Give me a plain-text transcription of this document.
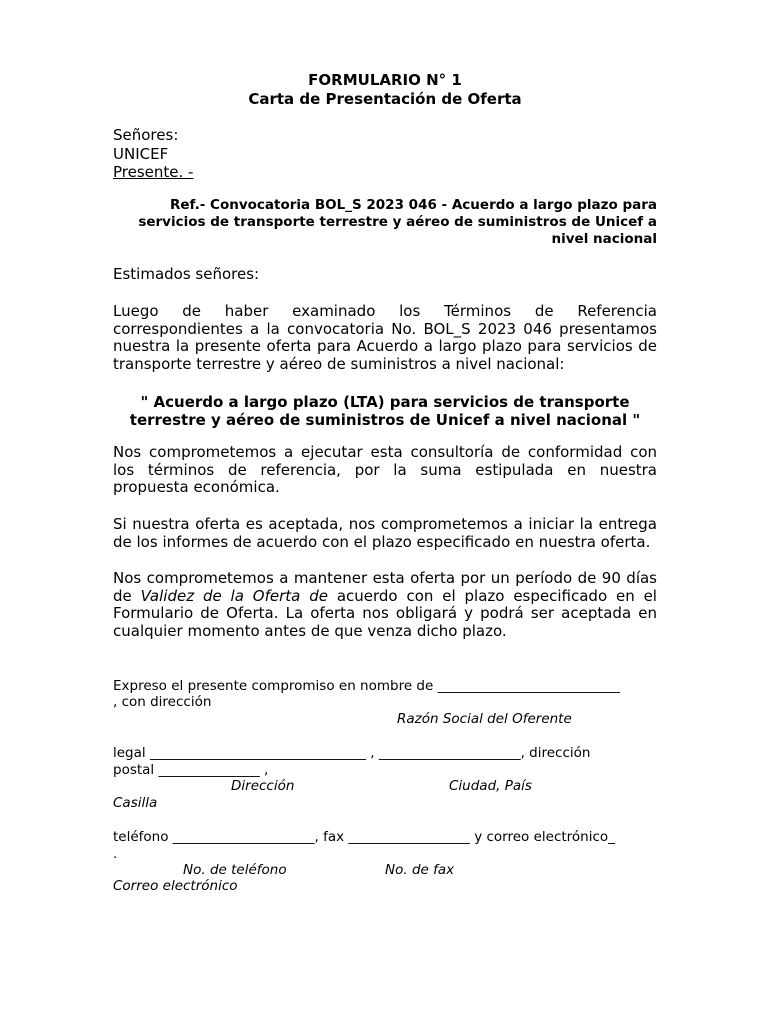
FORMULARIO N° 1
Carta de Presentación de Oferta
Señores:
UNICEF
Presente. -
Ref.- Convocatoria BOL_S 2023 046 - Acuerdo a largo plazo para
servicios de transporte terrestre y aéreo de suministros de Unicef a
nivel nacional
Estimados señores:
Luego de haber examinado los Términos de Referencia
correspondientes a la convocatoria No. BOL_S 2023 046 presentamos
nuestra la presente oferta para Acuerdo a largo plazo para servicios de
transporte terrestre y aéreo de suministros a nivel nacional:
" Acuerdo a largo plazo (LTA) para servicios de transporte
terrestre y aéreo de suministros de Unicef a nivel nacional "
Nos comprometemos a ejecutar esta consultoría de conformidad con
los términos de referencia, por la suma estipulada en nuestra
propuesta económica.
Si nuestra oferta es aceptada, nos comprometemos a iniciar la entrega
de los informes de acuerdo con el plazo especificado en nuestra oferta.
Nos comprometemos a mantener esta oferta por un período de 90 días
de Validez de la Oferta de acuerdo con el plazo especificado en el
Formulario de Oferta. La oferta nos obligará y podrá ser aceptada en
cualquier momento antes de que venza dicho plazo.
Expreso el presente compromiso en nombre de ___________________________
, con dirección
Razón Social del Oferente
legal ________________________________ , _____________________, dirección
postal _______________ ,
Dirección	Ciudad, País
Casilla
teléfono _____________________, fax __________________ y correo electrónico_
.
No. de teléfono	No. de fax
Correo electrónico
